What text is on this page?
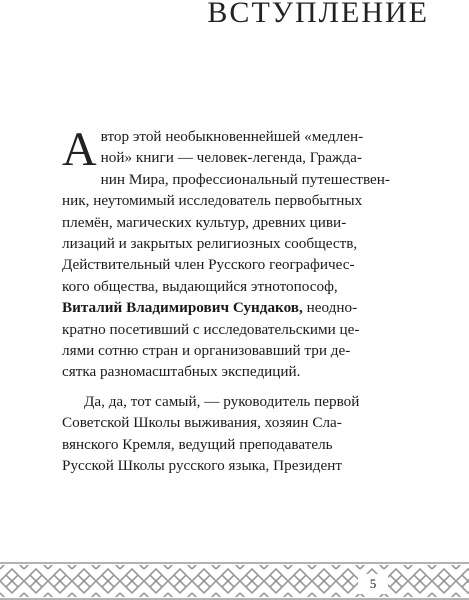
ВСТУПЛЕНИЕ

А втор этой необыкновеннейшей «медлен-
ной» книги — человек-легенда, Гражда-
нин Мира, профессиональный путешествен-
ник, неутомимый исследователь первобытных
племён, магических культур, древних циви-
лизаций и закрытых религиозных сообществ,
Действительный член Русского географичес-
кого общества, выдающийся этнотопософ,
Виталий Владимирович Сундаков, неодно-
кратно посетивший с исследовательскими це-
лями сотню стран и организовавший три де-
сятка разномасштабных экспедиций.

Да, да, тот самый, — руководитель первой
Советской Школы выживания, хозяин Сла-
вянского Кремля, ведущий преподаватель
Русской Школы русского языка, Президент

5
